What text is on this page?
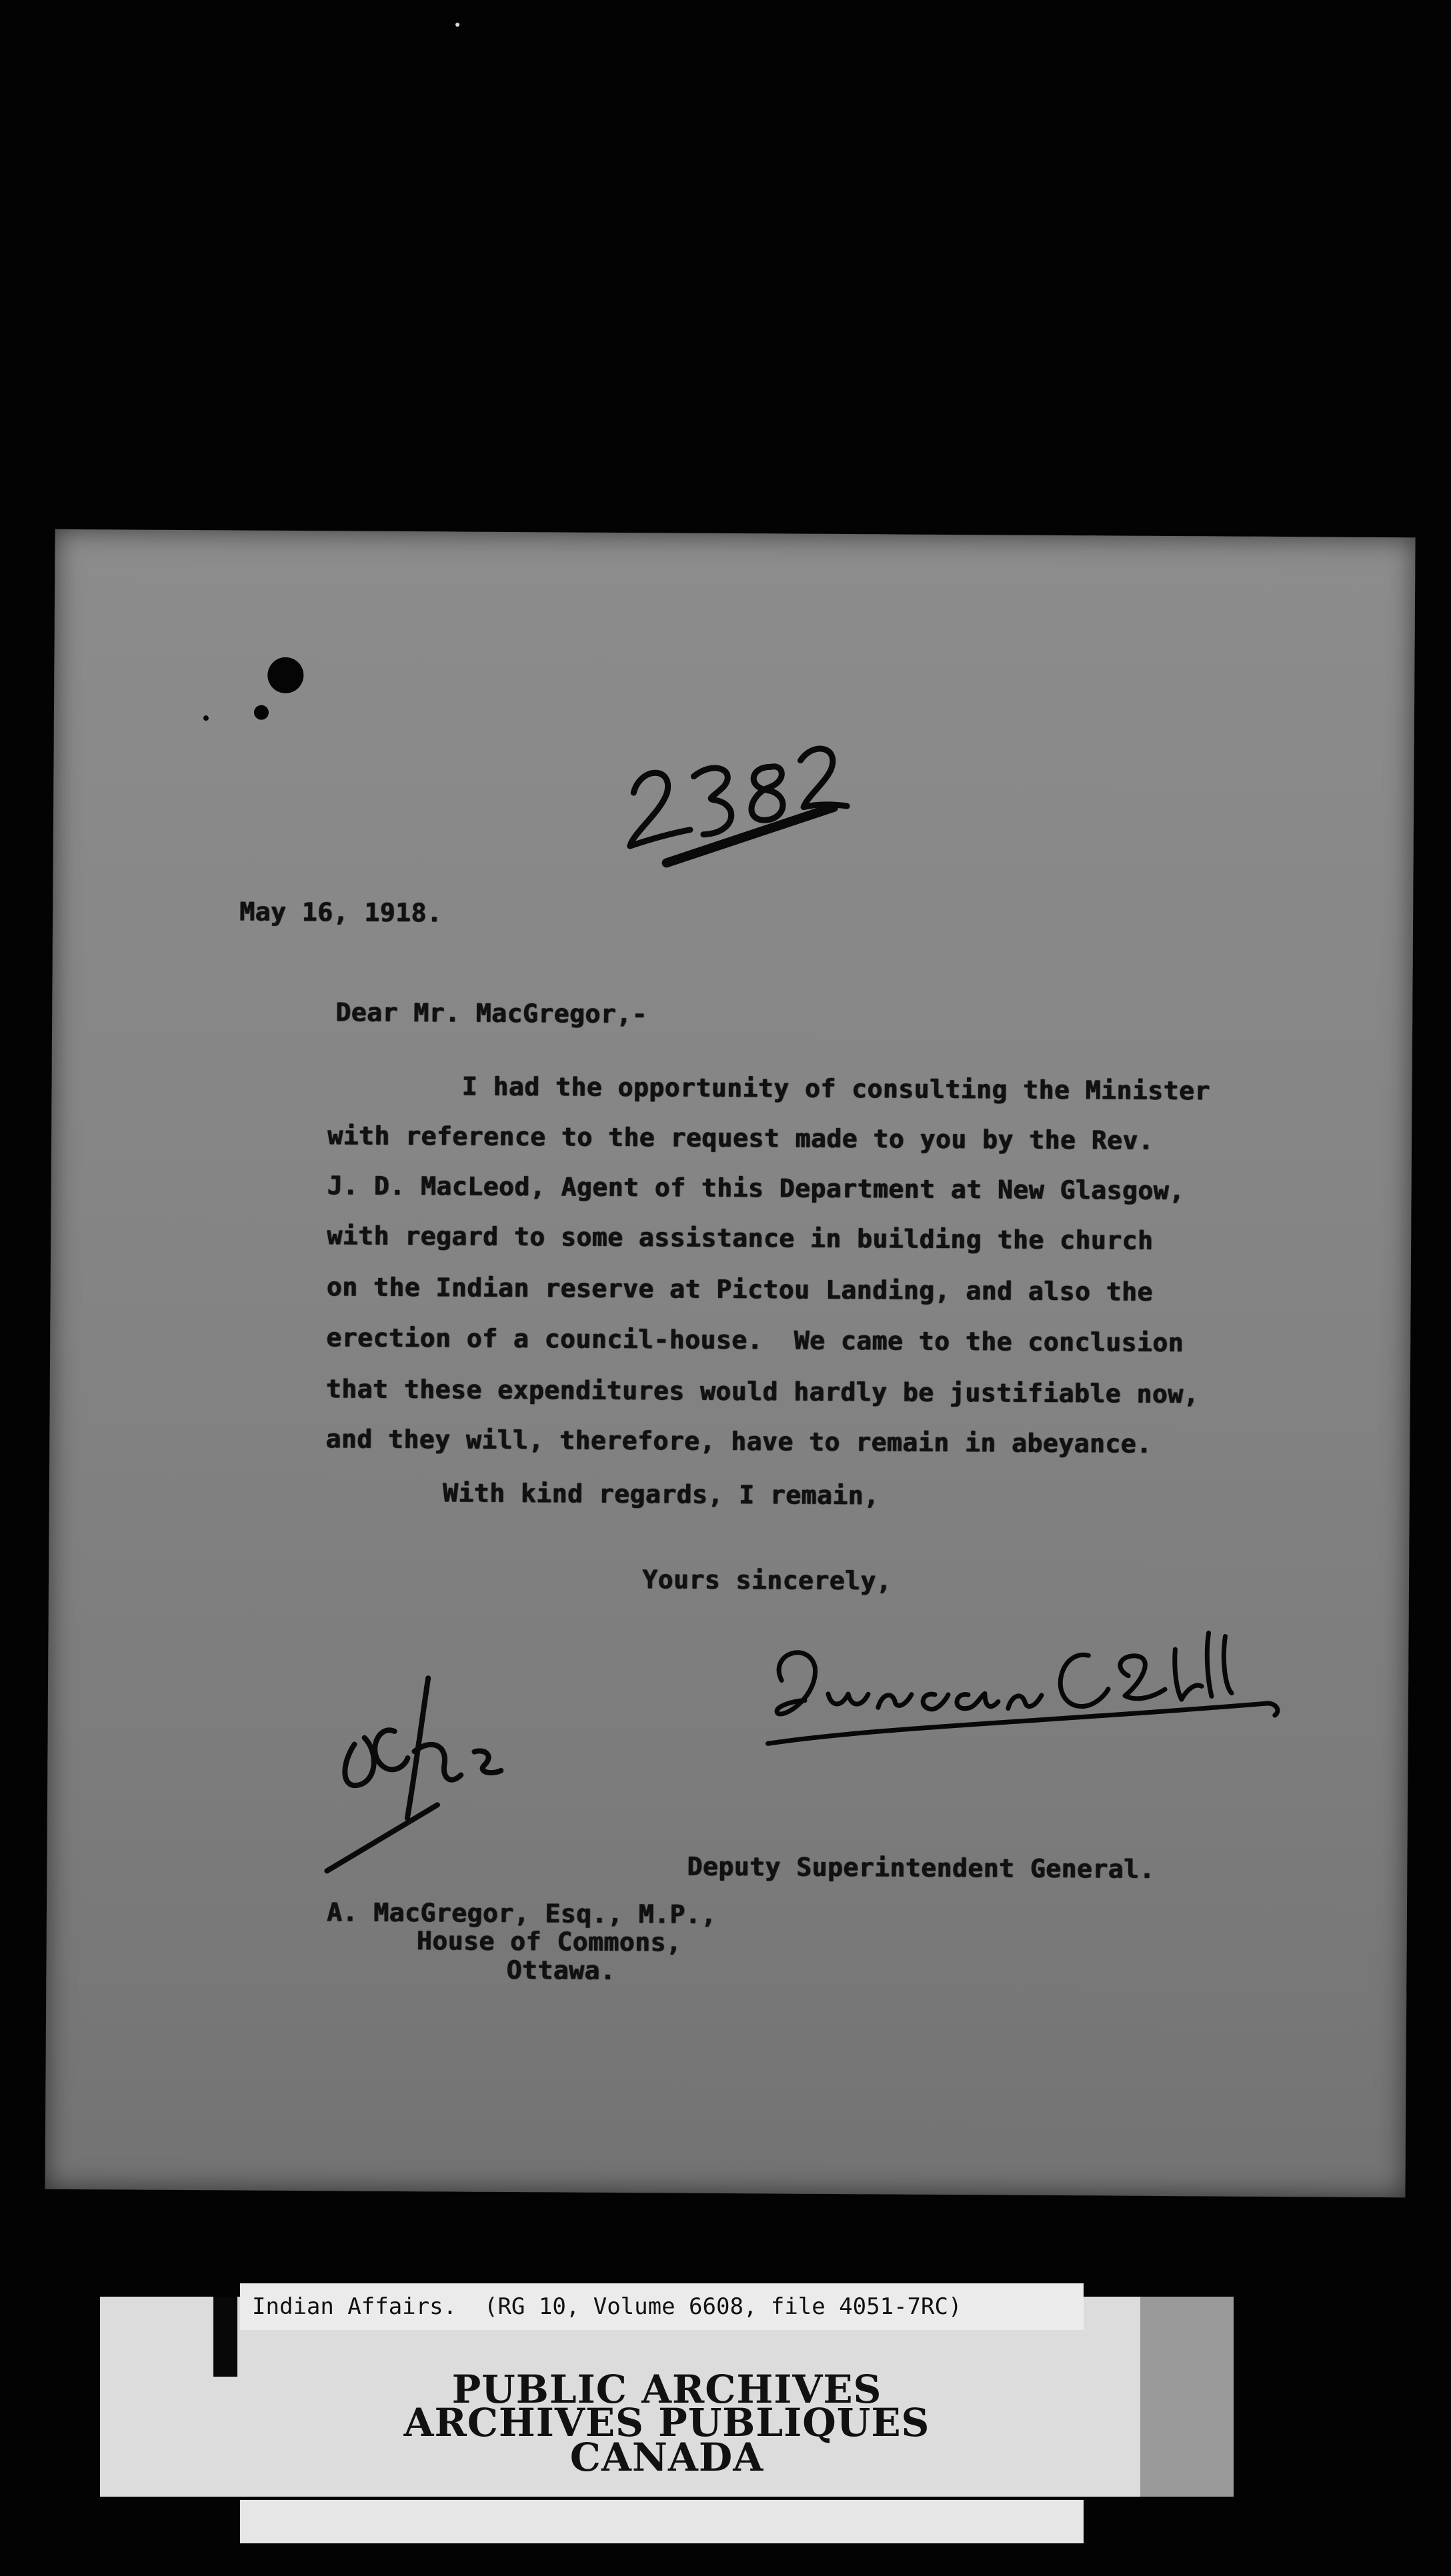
May 16, 1918.
Dear Mr. MacGregor,-
I had the opportunity of consulting the Minister
with reference to the request made to you by the Rev.
J. D. MacLeod, Agent of this Department at New Glasgow,
with regard to some assistance in building the church
on the Indian reserve at Pictou Landing, and also the
erection of a council-house.  We came to the conclusion
that these expenditures would hardly be justifiable now,
and they will, therefore, have to remain in abeyance.
With kind regards, I remain,
Yours sincerely,
Deputy Superintendent General.
A. MacGregor, Esq., M.P.,
House of Commons,
Ottawa.
PUBLIC ARCHIVES
ARCHIVES PUBLIQUES
CANADA
Indian Affairs.  (RG 10, Volume 6608, file 4051-7RC)
